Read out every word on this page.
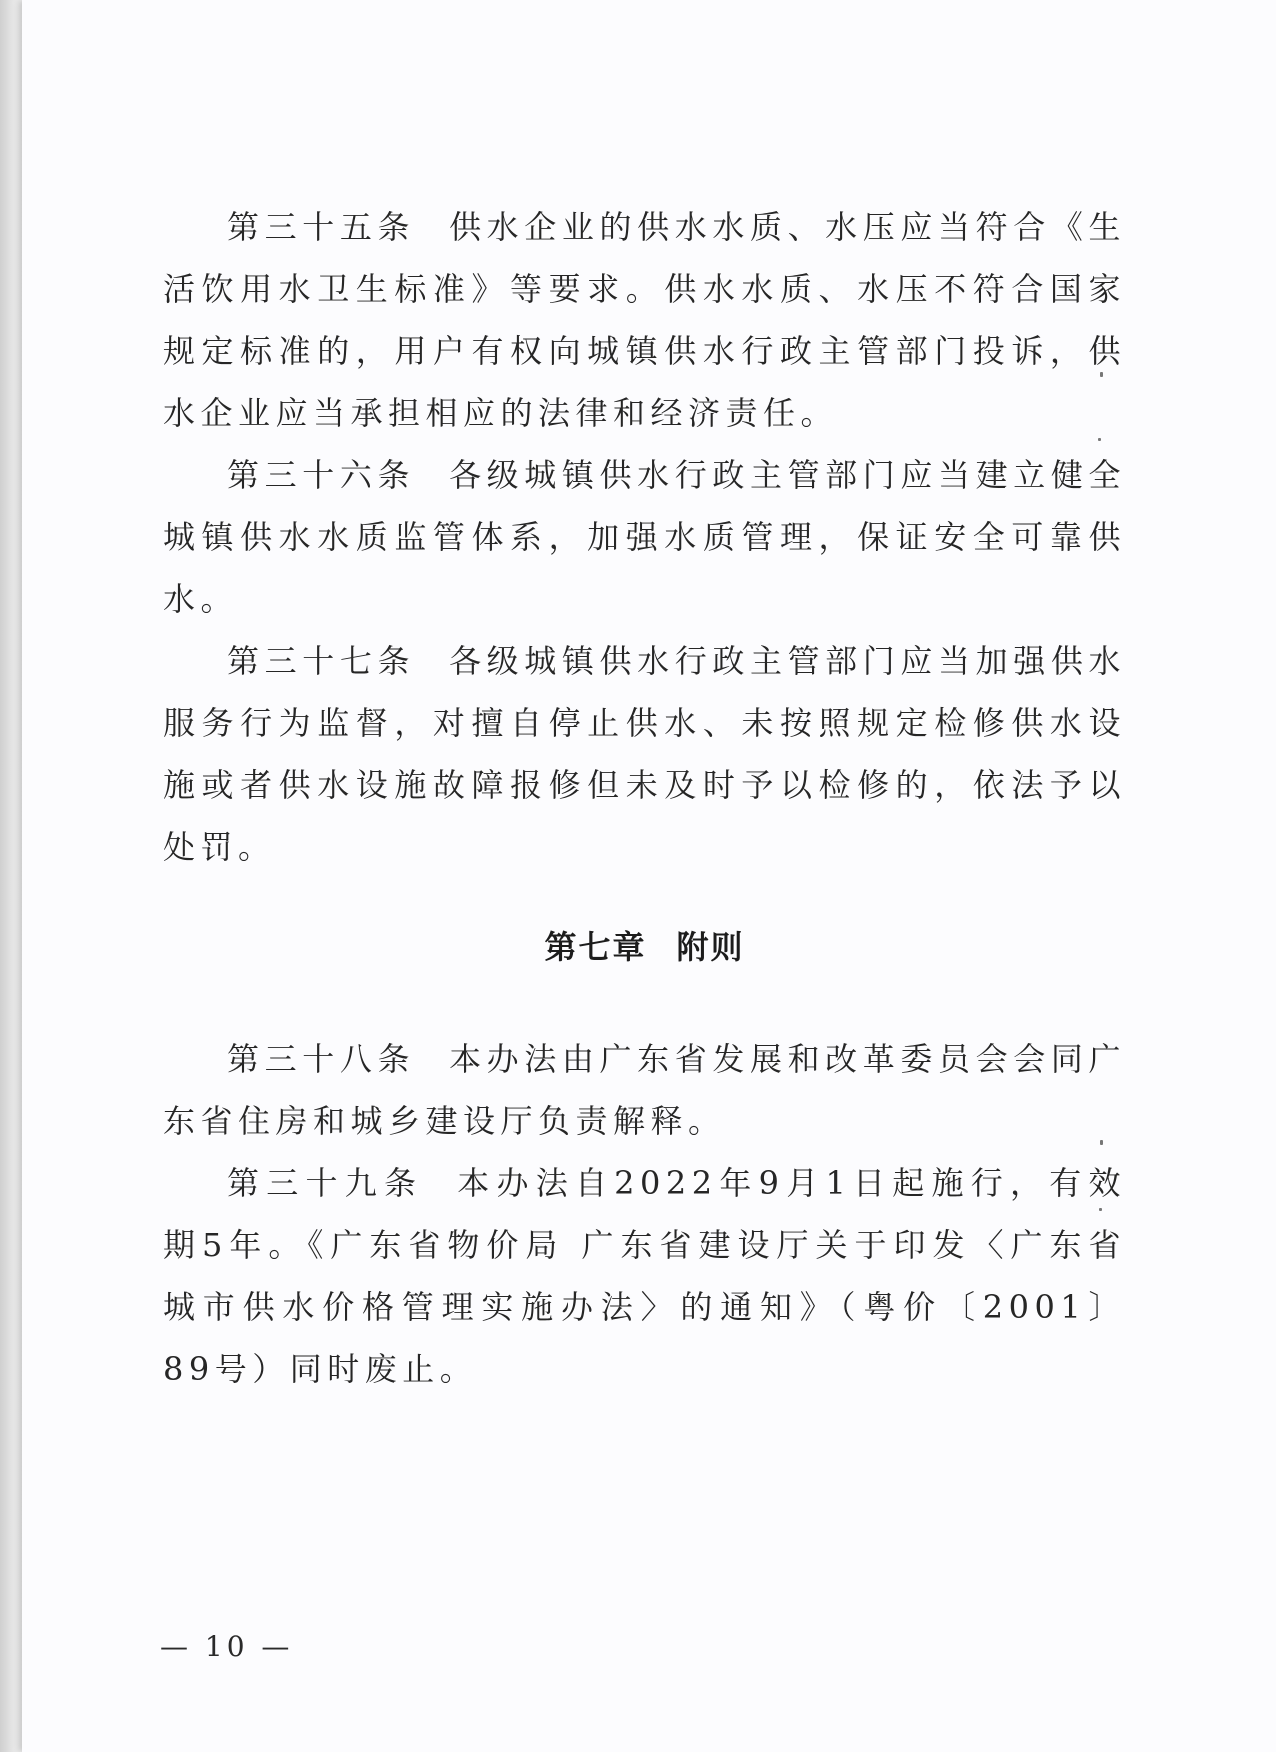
第三十五条 供水企业的供水水质、水压应当符合《生活饮用水卫生标准》等要求。供水水质、水压不符合国家规定标准的，用户有权向城镇供水行政主管部门投诉，供水企业应当承担相应的法律和经济责任。

第三十六条 各级城镇供水行政主管部门应当建立健全城镇供水水质监管体系，加强水质管理，保证安全可靠供水。

第三十七条 各级城镇供水行政主管部门应当加强供水服务行为监督，对擅自停止供水、未按照规定检修供水设施或者供水设施故障报修但未及时予以检修的，依法予以处罚。

第七章 附则

第三十八条 本办法由广东省发展和改革委员会会同广东省住房和城乡建设厅负责解释。

第三十九条 本办法自2022年9月1日起施行，有效期5年。《广东省物价局 广东省建设厅关于印发〈广东省城市供水价格管理实施办法〉的通知》（粤价〔2001〕89号）同时废止。

— 10 —
